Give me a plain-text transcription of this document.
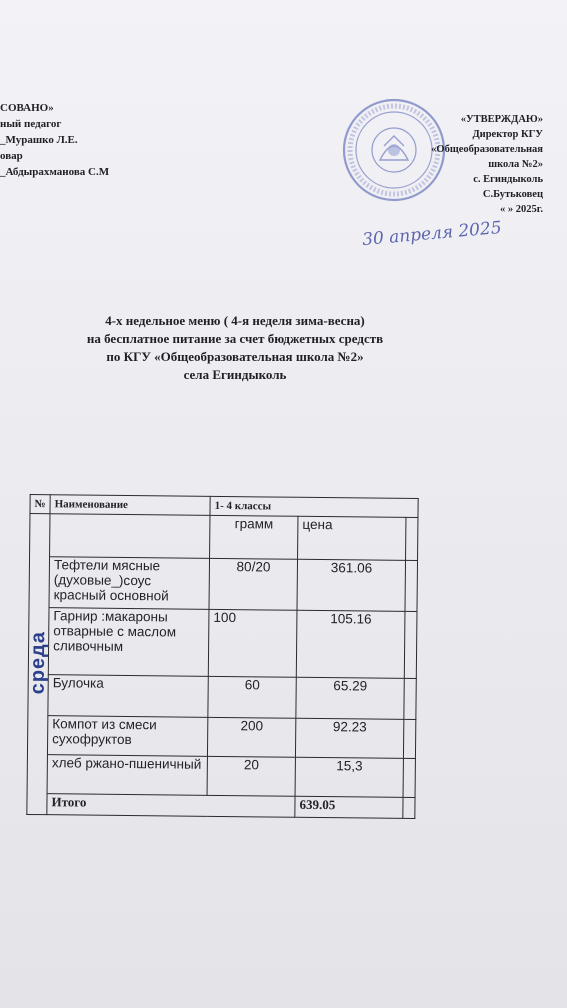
СОВАНО»
ный педагог
_Мурашко Л.Е.
овар
_Абдырахманова С.М
«УТВЕРЖДАЮ»
Директор КГУ
«Общеобразовательная
школа №2»
с. Егиндыколь
С.Бутьковец
« » 2025г.
30 апреля 2025
4-х недельное меню ( 4-я неделя зима-весна)
на бесплатное питание за счет бюджетных средств
по КГУ «Общеобразовательная школа №2»
села Егиндыколь
№	Наименование	1- 4 классы		
среда		грамм	цена	
	Тефтели мясные (духовые_)соус красный основной	80/20	361.06	
	Гарнир :макароны отварные с маслом сливочным	100	105.16	
	Булочка	60	65.29	
	Компот из смеси сухофруктов	200	92.23	
	хлеб ржано-пшеничный	20	15,3	
	Итого		639.05	
